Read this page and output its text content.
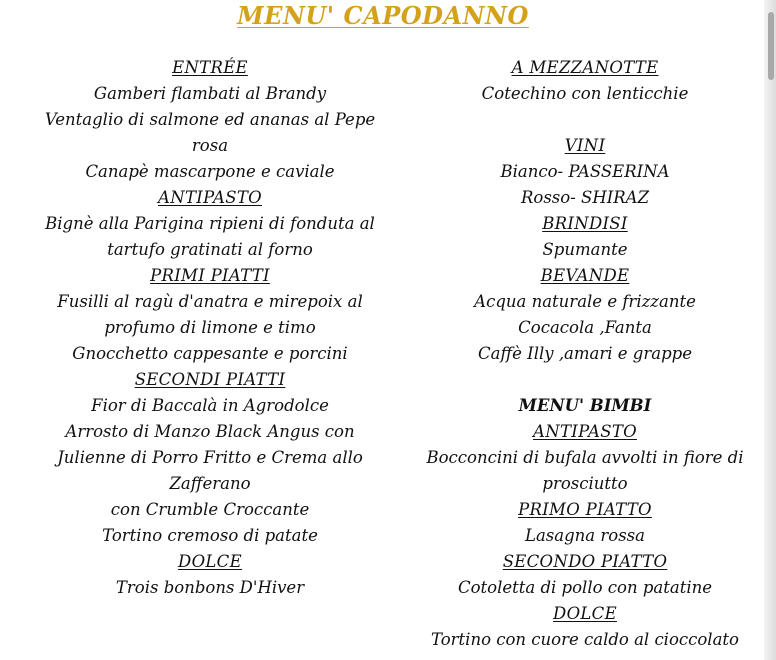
MENU' CAPODANNO
ENTRÉE
Gamberi flambati al Brandy
Ventaglio di salmone ed ananas al Pepe rosa
Canapè mascarpone e caviale
ANTIPASTO
Bignè alla Parigina ripieni di fonduta al tartufo gratinati al forno
PRIMI PIATTI
Fusilli al ragù d'anatra e mirepoix al profumo di limone e timo
Gnocchetto cappesante e porcini
SECONDI PIATTI
Fior di Baccalà in Agrodolce
Arrosto di Manzo Black Angus con Julienne di Porro Fritto e Crema allo Zafferano
con Crumble Croccante
Tortino cremoso di patate
DOLCE
Trois bonbons D'Hiver
A MEZZANOTTE
Cotechino con lenticchie
VINI
Bianco- PASSERINA
Rosso- SHIRAZ
BRINDISI
Spumante
BEVANDE
Acqua naturale e frizzante
Cocacola ,Fanta
Caffè Illy ,amari e grappe
MENU' BIMBI
ANTIPASTO
Bocconcini di bufala avvolti in fiore di prosciutto
PRIMO PIATTO
Lasagna rossa
SECONDO PIATTO
Cotoletta di pollo con patatine
DOLCE
Tortino con cuore caldo al cioccolato
